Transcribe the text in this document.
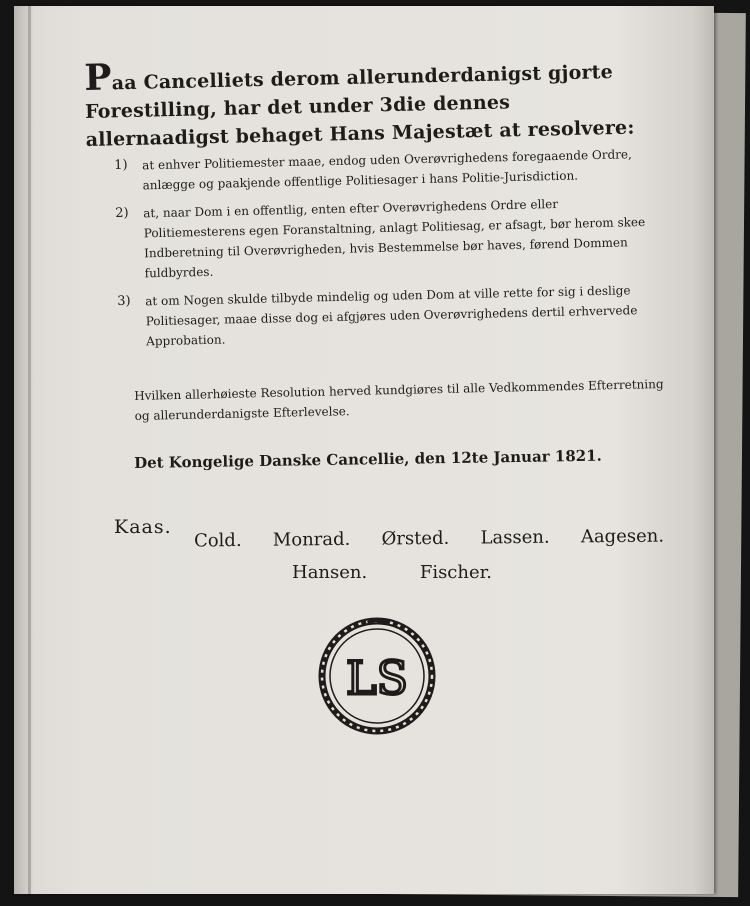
Paa Cancelliets derom allerunderdanigst gjorte Forestilling, har det under 3die dennes allernaadigst behaget Hans Majestæt at resolvere:
1)	at enhver Politiemester maae, endog uden Overøvrighedens foregaaende Ordre, anlægge og paakjende offentlige Politiesager i hans Politie-Jurisdiction.
2)	at, naar Dom i en offentlig, enten efter Overøvrighedens Ordre eller Politiemesterens egen Foranstaltning, anlagt Politiesag, er afsagt, bør herom skee Indberetning til Overøvrigheden, hvis Bestemmelse bør haves, førend Dommen fuldbyrdes.
3)	at om Nogen skulde tilbyde mindelig og uden Dom at ville rette for sig i deslige Politiesager, maae disse dog ei afgjøres uden Overøvrighedens dertil erhvervede Approbation.
Hvilken allerhøieste Resolution herved kundgiøres til alle Vedkommendes Efterretning og allerunderdanigste Efterlevelse.
Det Kongelige Danske Cancellie, den 12te Januar 1821.
Kaas.
Cold. Monrad. Ørsted. Lassen. Aagesen.
Hansen.	Fischer.
LS
